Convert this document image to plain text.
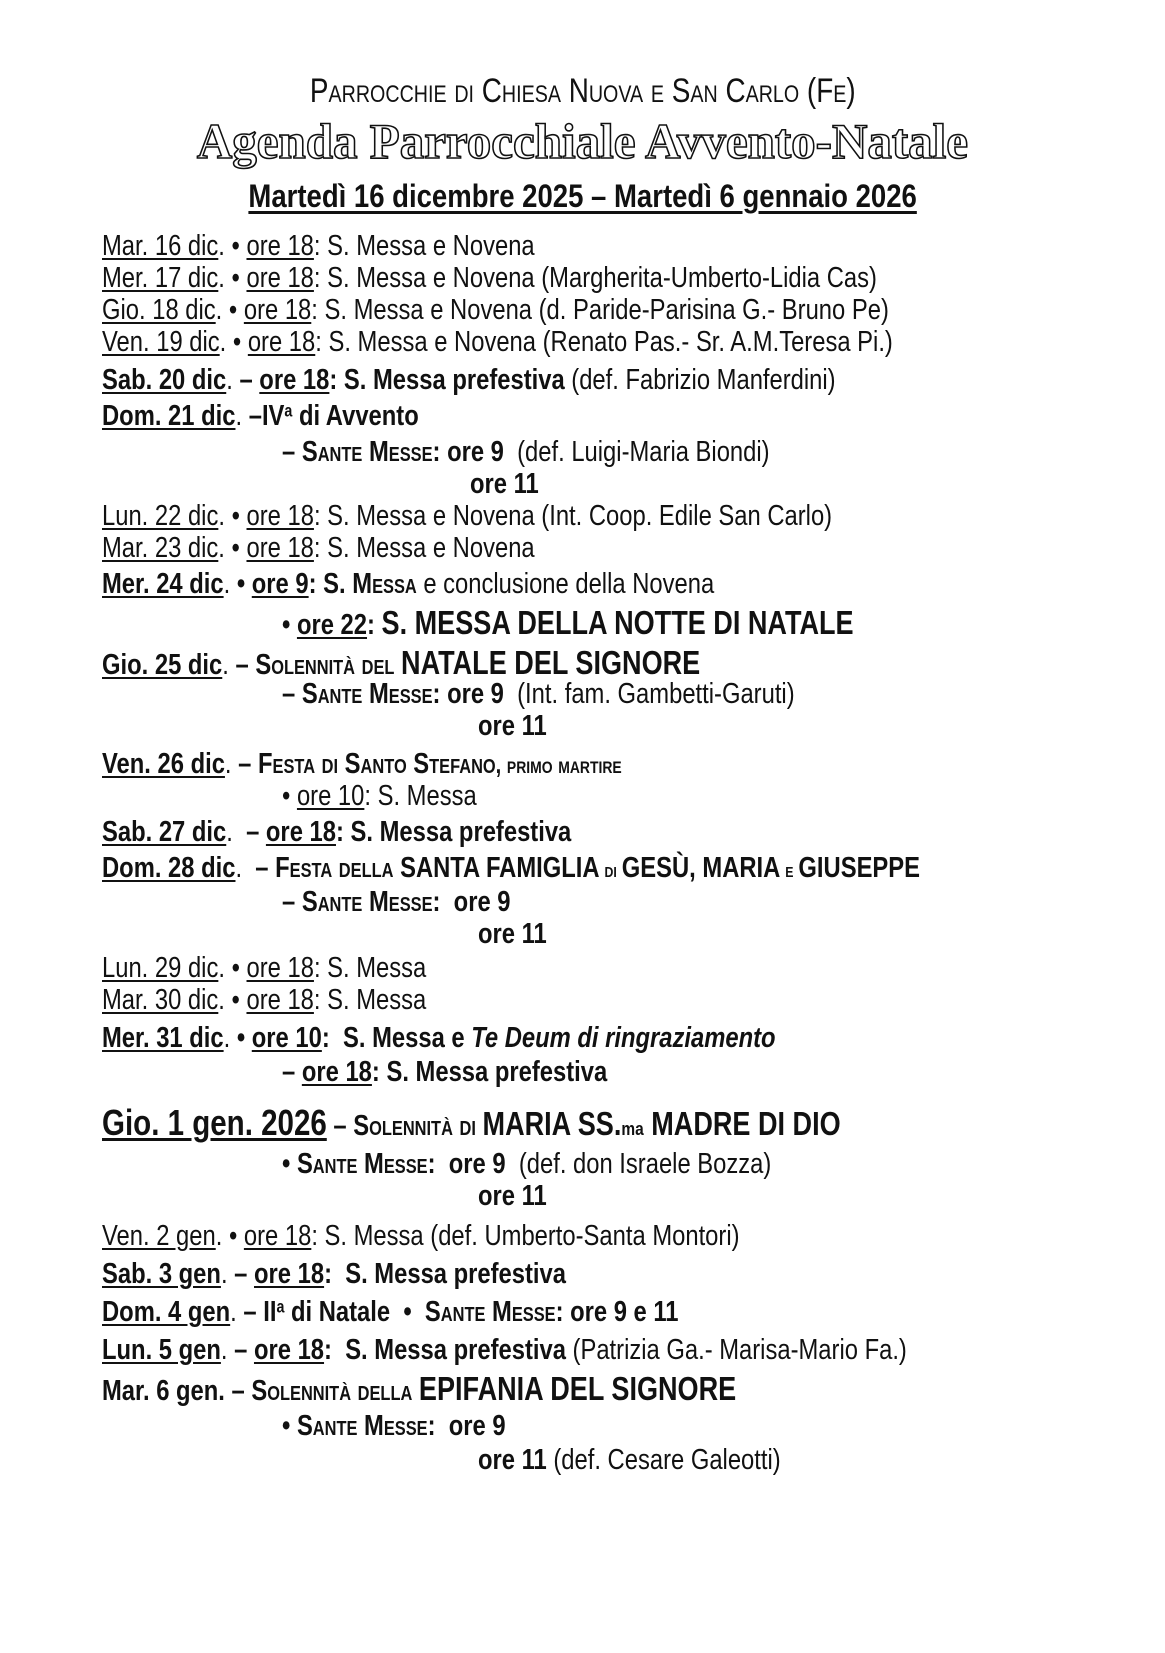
Parrocchie di Chiesa Nuova e San Carlo (Fe)
Agenda Parrocchiale Avvento-Natale
Martedì 16 dicembre 2025 – Martedì 6 gennaio 2026
Mar. 16 dic. • ore 18: S. Messa e Novena
Mer. 17 dic. • ore 18: S. Messa e Novena (Margherita-Umberto-Lidia Cas)
Gio. 18 dic. • ore 18: S. Messa e Novena (d. Paride-Parisina G.- Bruno Pe)
Ven. 19 dic. • ore 18: S. Messa e Novena (Renato Pas.- Sr. A.M.Teresa Pi.)
Sab. 20 dic. – ore 18: S. Messa prefestiva (def. Fabrizio Manferdini)
Dom. 21 dic. $-IV^a$ di Avvento
– Sante Messe: ore 9 (def. Luigi-Maria Biondi)
ore 11
Lun. 22 dic. • ore 18: S. Messa e Novena (Int. Coop. Edile San Carlo)
Mar. 23 dic. • ore 18: S. Messa e Novena
Mer. 24 dic. • ore 9: S. Messa e conclusione della Novena
• ore 22: S. MESSA DELLA NOTTE DI NATALE
Gio. 25 dic. – Solennità del NATALE DEL SIGNORE
– Sante Messe: ore 9 (Int. fam. Gambetti-Garuti)
ore 11
Ven. 26 dic. – Festa di Santo Stefano, primo martire
• ore 10: S. Messa
Sab. 27 dic.  – ore 18: S. Messa prefestiva
Dom. 28 dic.  – Festa della SANTA FAMIGLIA di GESÙ, MARIA e GIUSEPPE
– Sante Messe: ore 9
ore 11
Lun. 29 dic. • ore 18: S. Messa
Mar. 30 dic. • ore 18: S. Messa
Mer. 31 dic. • ore 10: S. Messa e Te Deum di ringraziamento
– ore 18: S. Messa prefestiva
Gio. 1 gen. 2026 – Solennità di MARIA SS.ma MADRE DI DIO
• Sante Messe: ore 9 (def. don Israele Bozza)
ore 11
Ven. 2 gen. • ore 18: S. Messa (def. Umberto-Santa Montori)
Sab. 3 gen. – ore 18: S. Messa prefestiva
Dom. 4 gen. – $II^a$ di Natale • Sante Messe: ore 9 e 11
Lun. 5 gen. – ore 18: S. Messa prefestiva (Patrizia Ga.- Marisa-Mario Fa.)
Mar. 6 gen. – Solennità della EPIFANIA DEL SIGNORE
• Sante Messe: ore 9
ore 11 (def. Cesare Galeotti)
